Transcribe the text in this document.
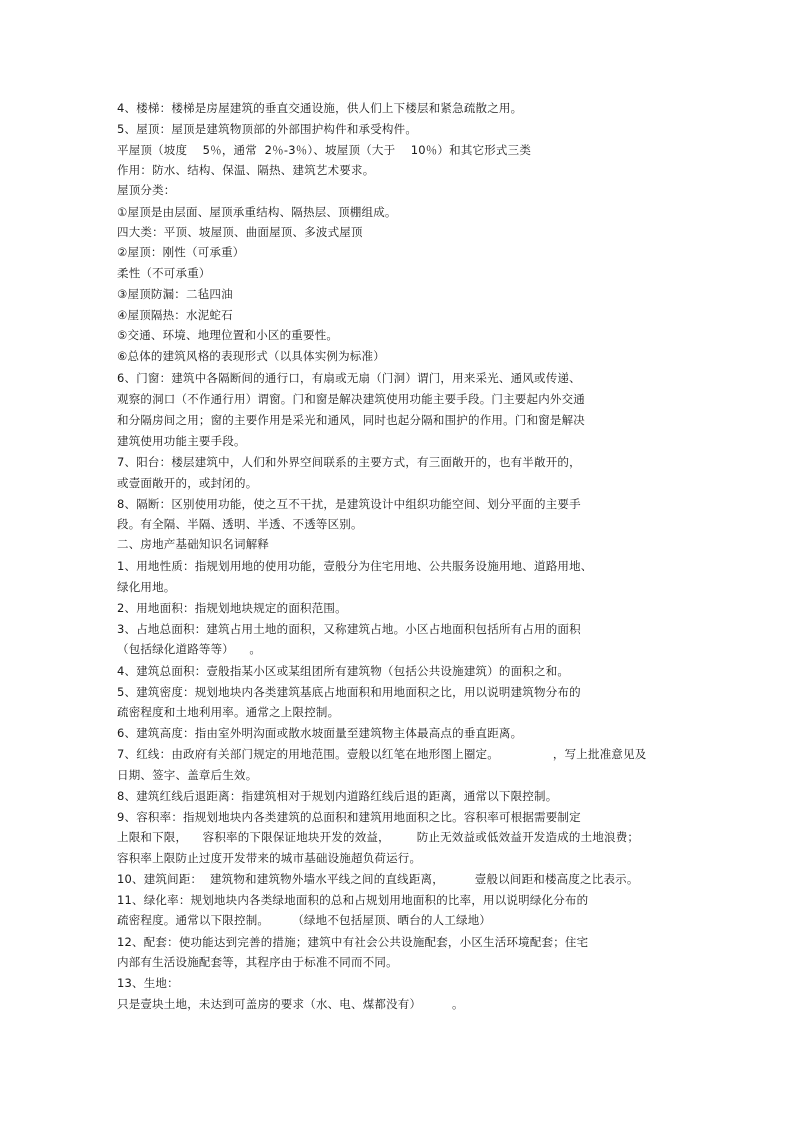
4、楼梯：楼梯是房屋建筑的垂直交通设施，供人们上下楼层和紧急疏散之用。
5、屋顶：屋顶是建筑物顶部的外部围护构件和承受构件。
平屋顶（坡度    5％，通常  2％-3％）、坡屋顶（大于    10％）和其它形式三类
作用：防水、结构、保温、隔热、建筑艺术要求。
屋顶分类：
①屋顶是由层面、屋顶承重结构、隔热层、顶棚组成。
四大类：平顶、坡屋顶、曲面屋顶、多波式屋顶
②屋顶：刚性（可承重）
柔性（不可承重）
③屋顶防漏：二毡四油
④屋顶隔热：水泥蛇石
⑤交通、环境、地理位置和小区的重要性。
⑥总体的建筑风格的表现形式（以具体实例为标准）
6、门窗：建筑中各隔断间的通行口，有扇或无扇（门洞）谓门，用来采光、通风或传递、
观察的洞口（不作通行用）谓窗。门和窗是解决建筑使用功能主要手段。门主要起内外交通
和分隔房间之用；窗的主要作用是采光和通风，同时也起分隔和围护的作用。门和窗是解决
建筑使用功能主要手段。
7、阳台：楼层建筑中，人们和外界空间联系的主要方式，有三面敞开的，也有半敞开的，
或壹面敞开的，或封闭的。
8、隔断：区别使用功能，使之互不干扰，是建筑设计中组织功能空间、划分平面的主要手
段。有全隔、半隔、透明、半透、不透等区别。
二、房地产基础知识名词解释
1、用地性质：指规划用地的使用功能，壹般分为住宅用地、公共服务设施用地、道路用地、
绿化用地。
2、用地面积：指规划地块规定的面积范围。
3、占地总面积：建筑占用土地的面积，又称建筑占地。小区占地面积包括所有占用的面积
（包括绿化道路等等）    。
4、建筑总面积：壹般指某小区或某组团所有建筑物（包括公共设施建筑）的面积之和。
5、建筑密度：规划地块内各类建筑基底占地面积和用地面积之比，用以说明建筑物分布的
疏密程度和土地利用率。通常之上限控制。
6、建筑高度：指由室外明沟面或散水坡面量至建筑物主体最高点的垂直距离。
7、红线：由政府有关部门规定的用地范围。壹般以红笔在地形图上圈定。              ，写上批准意见及
日期、签字、盖章后生效。
8、建筑红线后退距离：指建筑相对于规划内道路红线后退的距离，通常以下限控制。
9、容积率：指规划地块内各类建筑的总面积和建筑用地面积之比。容积率可根据需要制定
上限和下限，    容积率的下限保证地块开发的效益，       防止无效益或低效益开发造成的土地浪费；
容积率上限防止过度开发带来的城市基础设施超负荷运行。
10、建筑间距：  建筑物和建筑物外墙水平线之间的直线距离，        壹般以间距和楼高度之比表示。
11、绿化率：规划地块内各类绿地面积的总和占规划用地面积的比率，用以说明绿化分布的
疏密程度。通常以下限控制。      （绿地不包括屋顶、晒台的人工绿地）
12、配套：使功能达到完善的措施；建筑中有社会公共设施配套，小区生活环境配套；住宅
内部有生活设施配套等，其程序由于标准不同而不同。
13、生地：
只是壹块土地，未达到可盖房的要求（水、电、煤都没有）        。
